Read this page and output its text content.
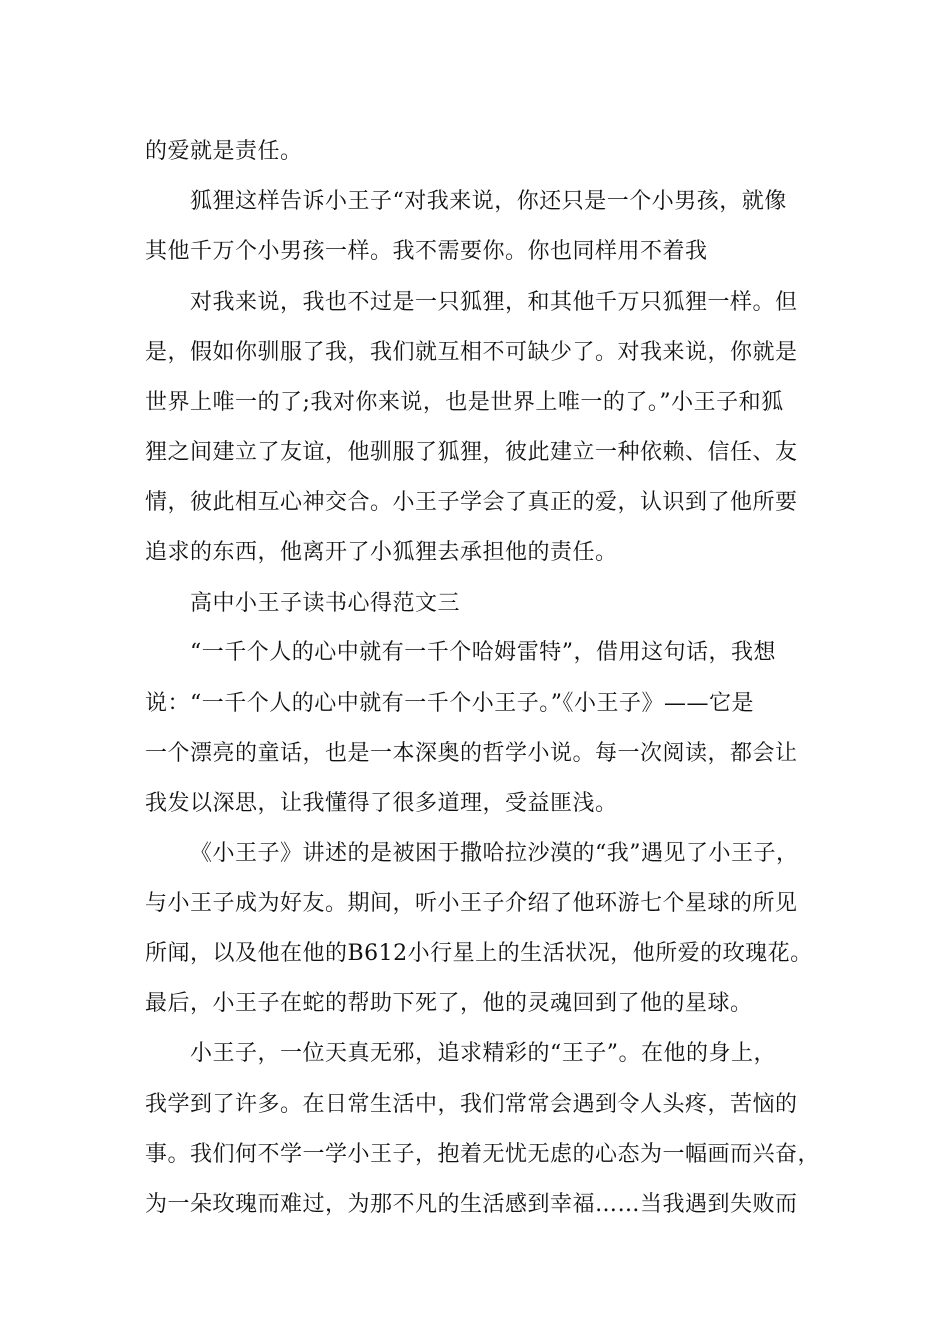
的爱就是责任。
狐狸这样告诉小王子“对我来说，你还只是一个小男孩，就像
其他千万个小男孩一样。我不需要你。你也同样用不着我
对我来说，我也不过是一只狐狸，和其他千万只狐狸一样。但
是，假如你驯服了我，我们就互相不可缺少了。对我来说，你就是
世界上唯一的了;我对你来说，也是世界上唯一的了。”小王子和狐
狸之间建立了友谊，他驯服了狐狸，彼此建立一种依赖、信任、友
情，彼此相互心神交合。小王子学会了真正的爱，认识到了他所要
追求的东西，他离开了小狐狸去承担他的责任。
高中小王子读书心得范文三
“一千个人的心中就有一千个哈姆雷特”，借用这句话，我想
说：“一千个人的心中就有一千个小王子。”《小王子》——它是
一个漂亮的童话，也是一本深奥的哲学小说。每一次阅读，都会让
我发以深思，让我懂得了很多道理，受益匪浅。
《小王子》讲述的是被困于撒哈拉沙漠的“我”遇见了小王子，
与小王子成为好友。期间，听小王子介绍了他环游七个星球的所见
所闻，以及他在他的B612小行星上的生活状况，他所爱的玫瑰花。
最后，小王子在蛇的帮助下死了，他的灵魂回到了他的星球。
小王子，一位天真无邪，追求精彩的“王子”。在他的身上，
我学到了许多。在日常生活中，我们常常会遇到令人头疼，苦恼的
事。我们何不学一学小王子，抱着无忧无虑的心态为一幅画而兴奋，
为一朵玫瑰而难过，为那不凡的生活感到幸福……当我遇到失败而
